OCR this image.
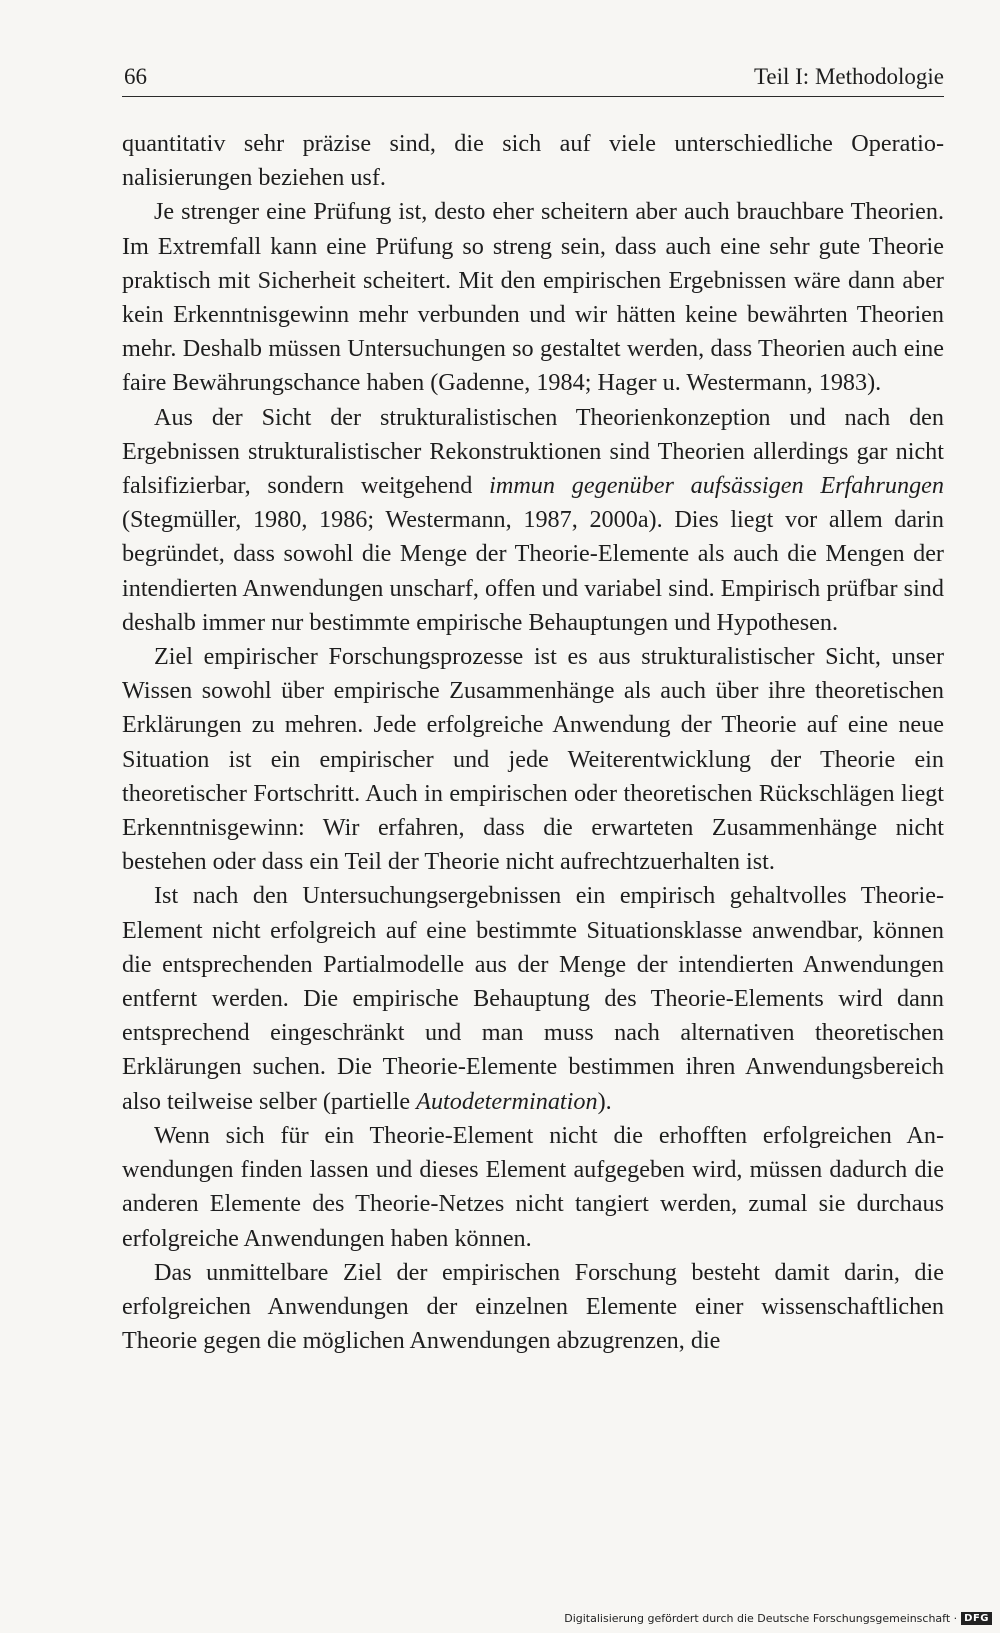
66	Teil I: Methodologie

quantitativ sehr präzise sind, die sich auf viele unterschiedliche Operationalisierungen beziehen usf.

Je strenger eine Prüfung ist, desto eher scheitern aber auch brauchbare Theorien. Im Extremfall kann eine Prüfung so streng sein, dass auch eine sehr gute Theorie praktisch mit Sicherheit scheitert. Mit den empirischen Ergebnissen wäre dann aber kein Erkenntnisgewinn mehr verbunden und wir hätten keine bewährten Theorien mehr. Deshalb müssen Untersuchungen so gestaltet werden, dass Theorien auch eine faire Bewährungschance haben (Gadenne, 1984; Hager u. Westermann, 1983).

Aus der Sicht der strukturalistischen Theorienkonzeption und nach den Ergebnissen strukturalistischer Rekonstruktionen sind Theorien allerdings gar nicht falsifizierbar, sondern weitgehend immun gegenüber aufsässigen Erfahrungen (Stegmüller, 1980, 1986; Westermann, 1987, 2000a). Dies liegt vor allem darin begründet, dass sowohl die Menge der Theorie-Elemente als auch die Mengen der intendierten Anwendungen unscharf, offen und variabel sind. Empirisch prüfbar sind deshalb immer nur bestimmte empirische Behauptungen und Hypothesen.

Ziel empirischer Forschungsprozesse ist es aus strukturalistischer Sicht, unser Wissen sowohl über empirische Zusammenhänge als auch über ihre theoretischen Erklärungen zu mehren. Jede erfolgreiche Anwendung der Theorie auf eine neue Situation ist ein empirischer und jede Weiterentwicklung der Theorie ein theoretischer Fortschritt. Auch in empirischen oder theoretischen Rückschlägen liegt Erkenntnisgewinn: Wir erfahren, dass die erwarteten Zusammenhänge nicht bestehen oder dass ein Teil der Theorie nicht aufrechtzuerhalten ist.

Ist nach den Untersuchungsergebnissen ein empirisch gehaltvolles Theorie-Element nicht erfolgreich auf eine bestimmte Situationsklasse anwendbar, können die entsprechenden Partialmodelle aus der Menge der intendierten Anwendungen entfernt werden. Die empirische Behauptung des Theorie-Elements wird dann entsprechend eingeschränkt und man muss nach alternativen theoretischen Erklärungen suchen. Die Theorie-Elemente bestimmen ihren Anwendungsbereich also teilweise selber (partielle Autodetermination).

Wenn sich für ein Theorie-Element nicht die erhofften erfolgreichen Anwendungen finden lassen und dieses Element aufgegeben wird, müssen dadurch die anderen Elemente des Theorie-Netzes nicht tangiert werden, zumal sie durchaus erfolgreiche Anwendungen haben können.

Das unmittelbare Ziel der empirischen Forschung besteht damit darin, die erfolgreichen Anwendungen der einzelnen Elemente einer wissenschaftlichen Theorie gegen die möglichen Anwendungen abzugrenzen, die

Digitalisierung gefördert durch die Deutsche Forschungsgemeinschaft · DFG
